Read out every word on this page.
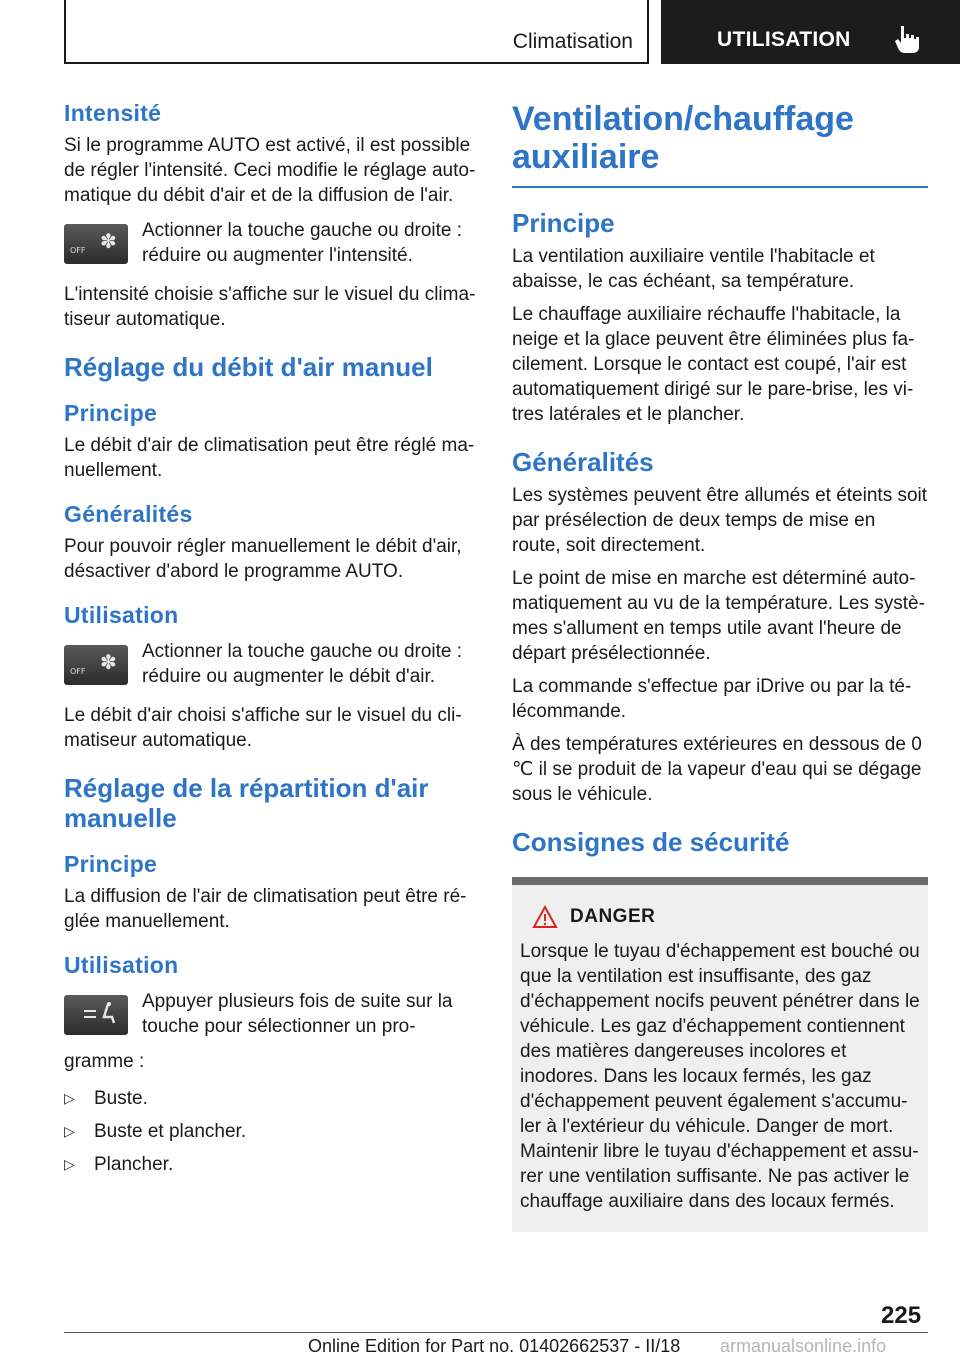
Climatisation	UTILISATION
Intensité

Si le programme AUTO est activé, il est possible de régler l'intensité. Ceci modifie le réglage automatique du débit d'air et de la diffusion de l'air.

OFF ✽
Actionner la touche gauche ou droite : réduire ou augmenter l'intensité.

L'intensité choisie s'affiche sur le visuel du climatiseur automatique.

Réglage du débit d'air manuel
Principe

Le débit d'air de climatisation peut être réglé manuellement.

Généralités

Pour pouvoir régler manuellement le débit d'air, désactiver d'abord le programme AUTO.

Utilisation
OFF ✽
Actionner la touche gauche ou droite : réduire ou augmenter le débit d'air.

Le débit d'air choisi s'affiche sur le visuel du climatiseur automatique.

Réglage de la répartition d'air manuelle
Principe

La diffusion de l'air de climatisation peut être réglée manuellement.

Utilisation
Appuyer plusieurs fois de suite sur la touche pour sélectionner un pro-
gramme :
▷ Buste.
▷ Buste et plancher.
▷ Plancher.
Ventilation/chauffage auxiliaire
Principe

La ventilation auxiliaire ventile l'habitacle et abaisse, le cas échéant, sa température.

Le chauffage auxiliaire réchauffe l'habitacle, la neige et la glace peuvent être éliminées plus facilement. Lorsque le contact est coupé, l'air est automatiquement dirigé sur le pare-brise, les vitres latérales et le plancher.

Généralités

Les systèmes peuvent être allumés et éteints soit par présélection de deux temps de mise en route, soit directement.

Le point de mise en marche est déterminé automatiquement au vu de la température. Les systèmes s'allument en temps utile avant l'heure de départ présélectionnée.

La commande s'effectue par iDrive ou par la télécommande.

À des températures extérieures en dessous de 0 ℃ il se produit de la vapeur d'eau qui se dégage sous le véhicule.

Consignes de sécurité
DANGER

Lorsque le tuyau d'échappement est bouché ou que la ventilation est insuffisante, des gaz d'échappement nocifs peuvent pénétrer dans le véhicule. Les gaz d'échappement contiennent des matières dangereuses incolores et inodores. Dans les locaux fermés, les gaz d'échappement peuvent également s'accumuler à l'extérieur du véhicule. Danger de mort. Maintenir libre le tuyau d'échappement et assurer une ventilation suffisante. Ne pas activer le chauffage auxiliaire dans des locaux fermés.

225
Online Edition for Part no. 01402662537 - II/18 armanualsonline.info
